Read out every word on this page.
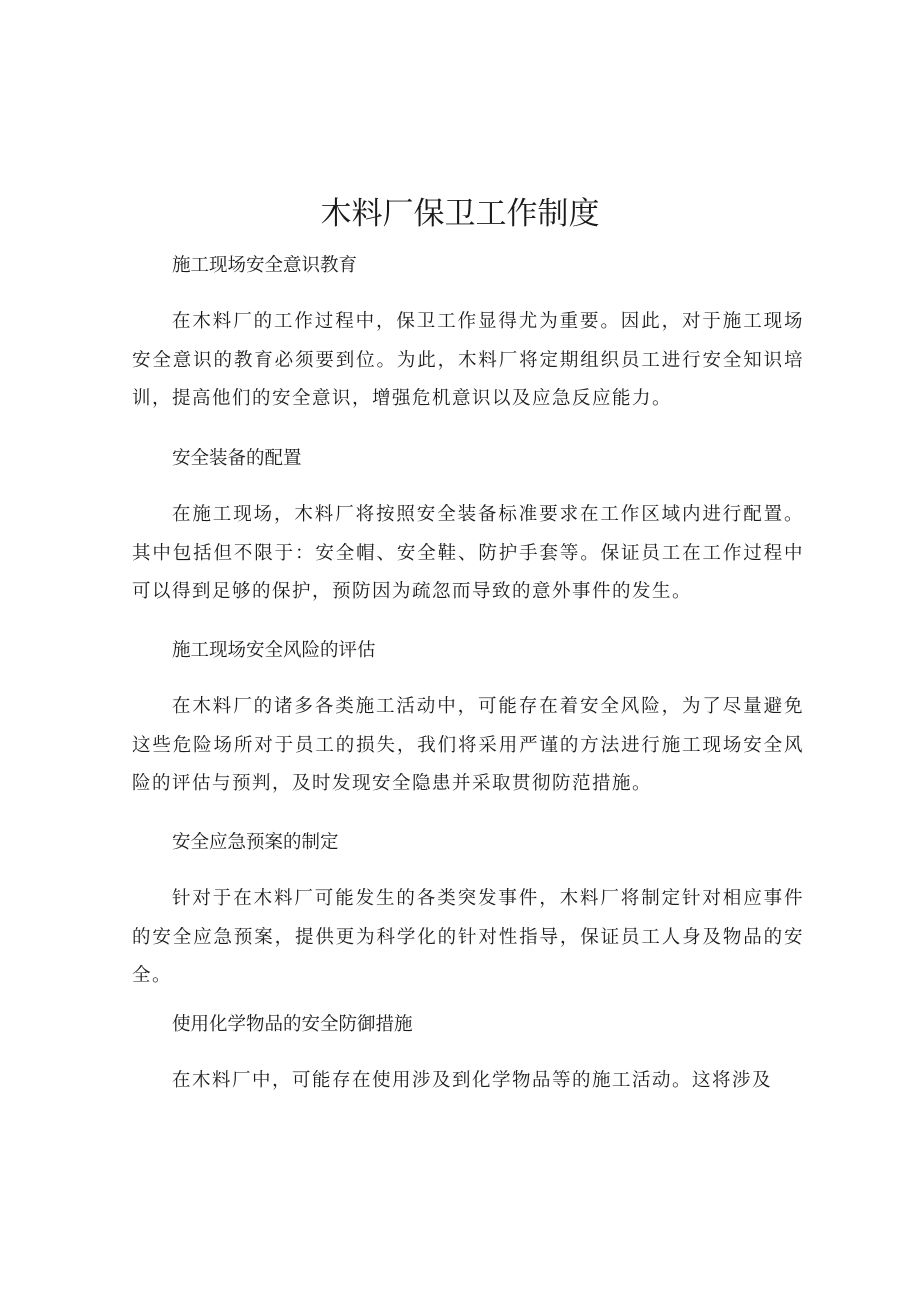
木料厂保卫工作制度

施工现场安全意识教育

在木料厂的工作过程中，保卫工作显得尤为重要。因此，对于施工现场安全意识的教育必须要到位。为此，木料厂将定期组织员工进行安全知识培训，提高他们的安全意识，增强危机意识以及应急反应能力。

安全装备的配置

在施工现场，木料厂将按照安全装备标准要求在工作区域内进行配置。其中包括但不限于：安全帽、安全鞋、防护手套等。保证员工在工作过程中可以得到足够的保护，预防因为疏忽而导致的意外事件的发生。

施工现场安全风险的评估

在木料厂的诸多各类施工活动中，可能存在着安全风险，为了尽量避免这些危险场所对于员工的损失，我们将采用严谨的方法进行施工现场安全风险的评估与预判，及时发现安全隐患并采取贯彻防范措施。

安全应急预案的制定

针对于在木料厂可能发生的各类突发事件，木料厂将制定针对相应事件的安全应急预案，提供更为科学化的针对性指导，保证员工人身及物品的安全。

使用化学物品的安全防御措施

在木料厂中，可能存在使用涉及到化学物品等的施工活动。这将涉及
